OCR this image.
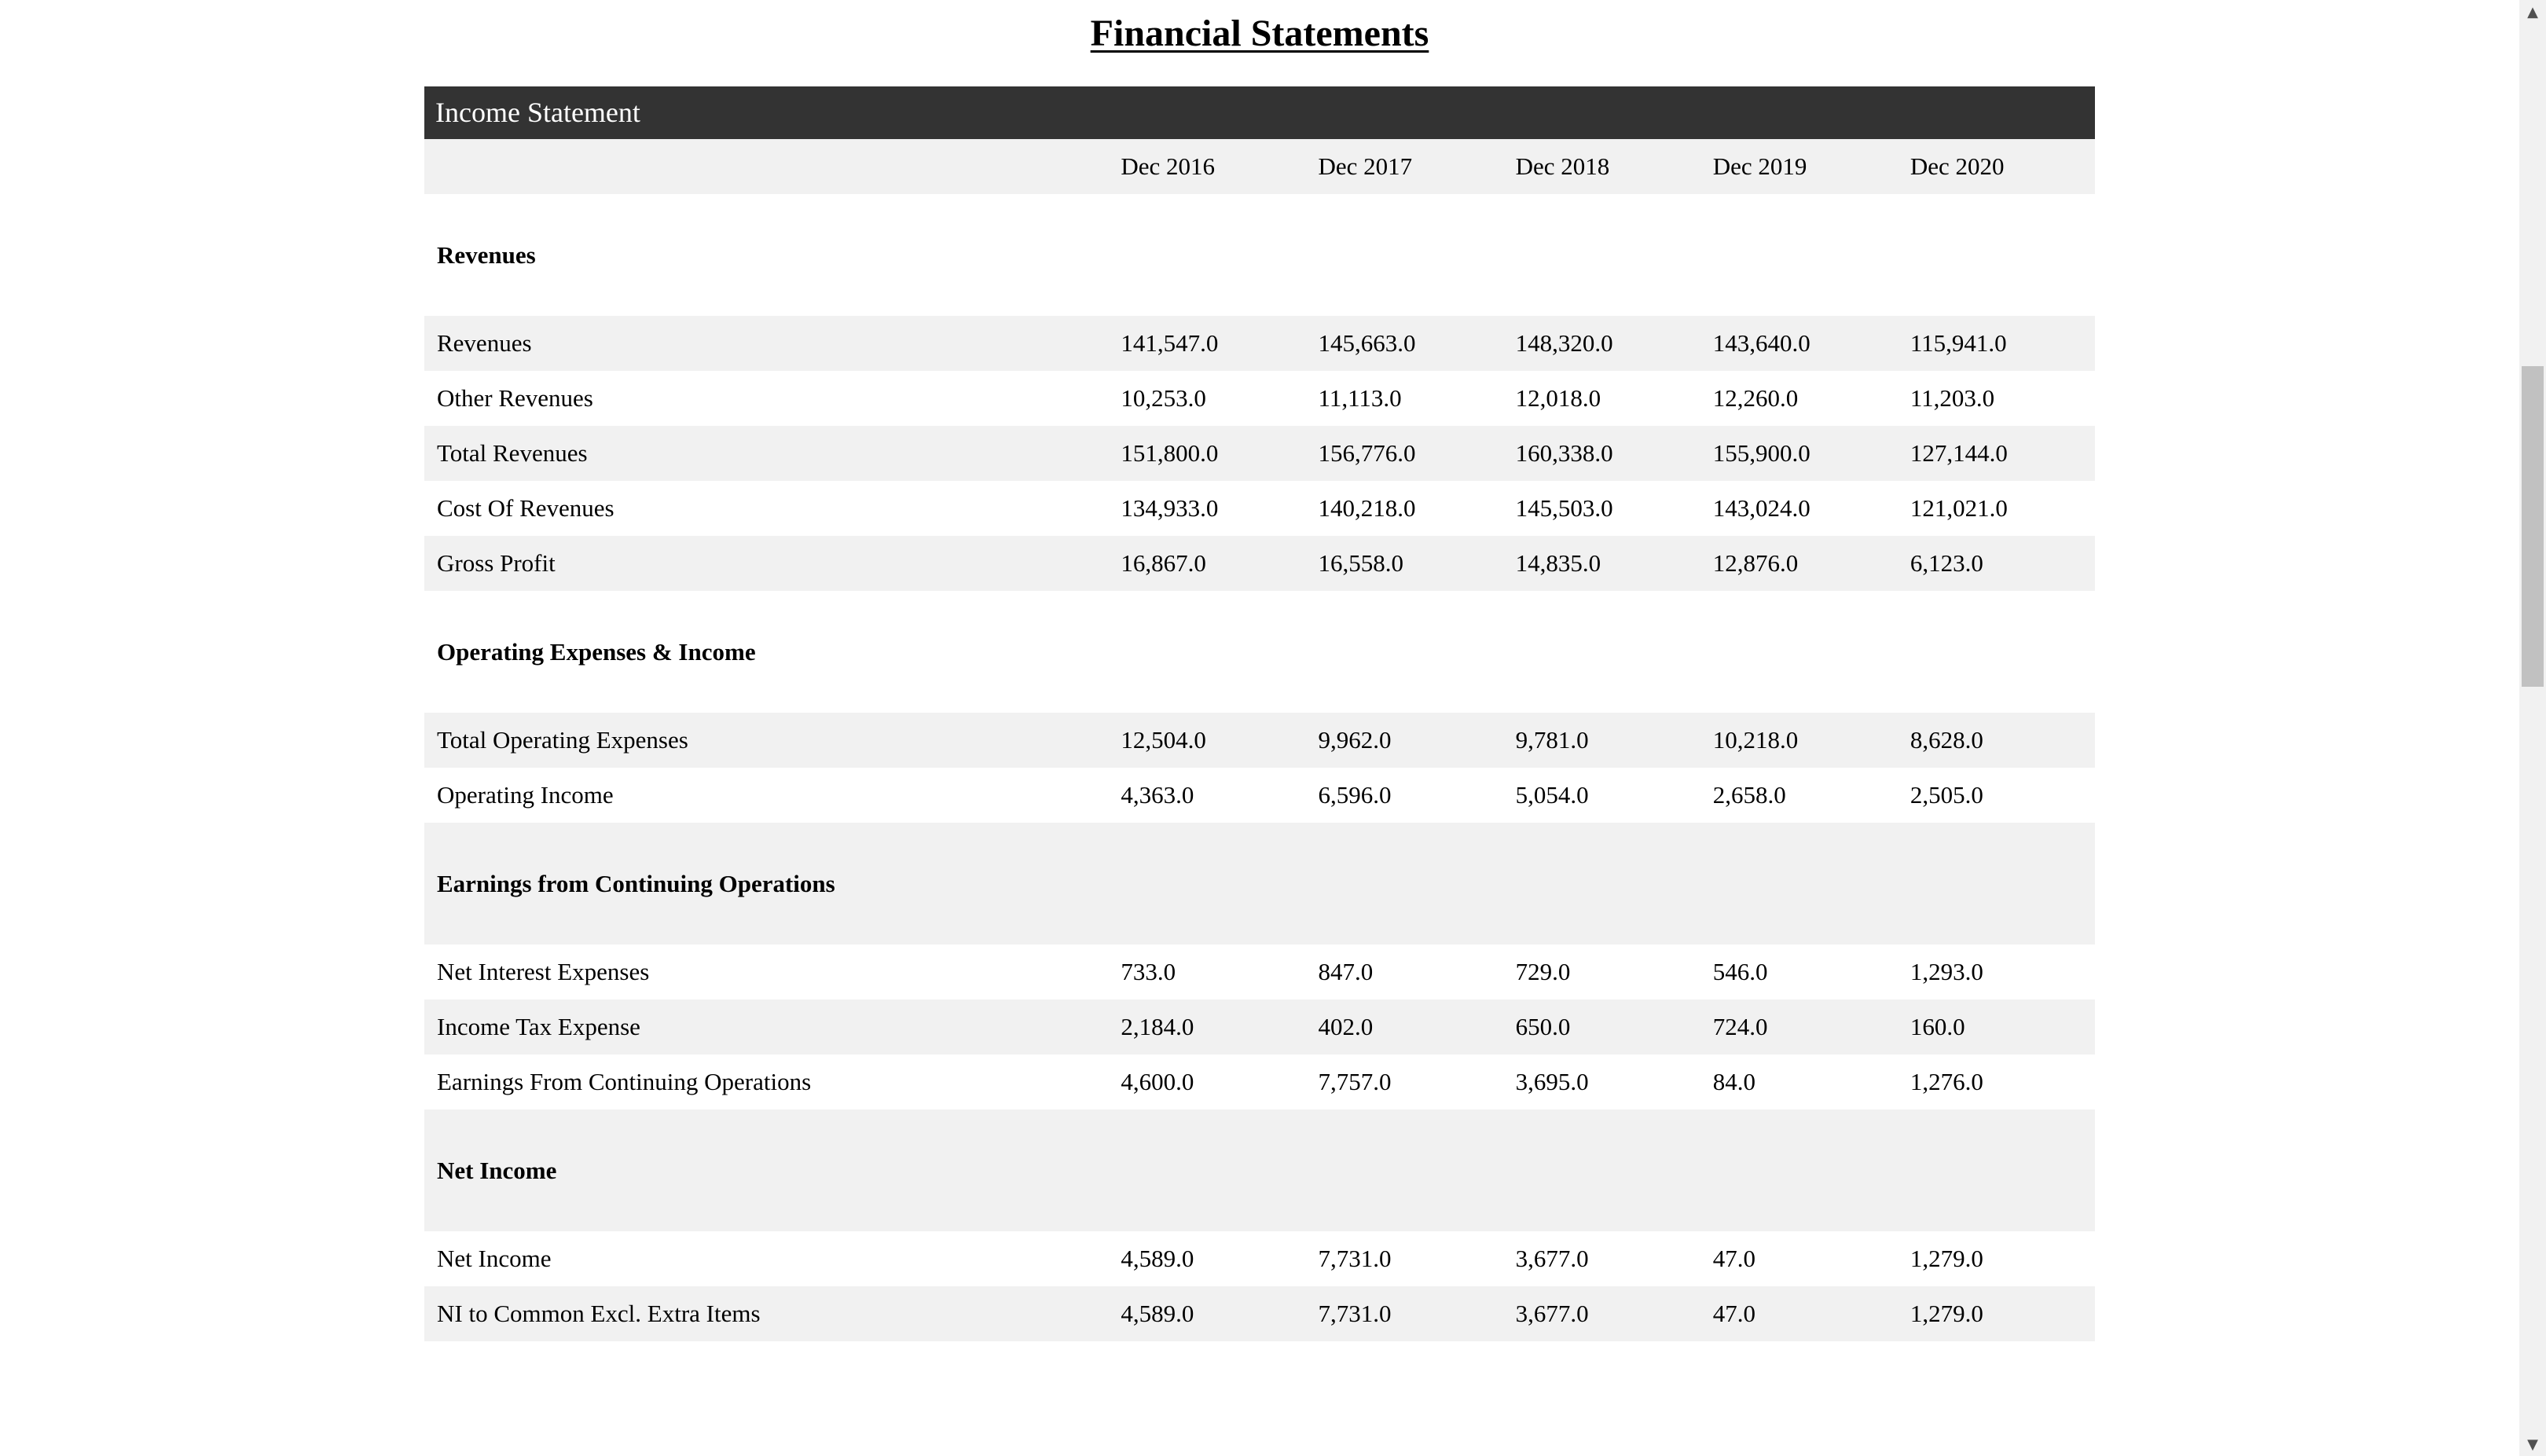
Financial Statements
Income Statement					
	Dec 2016	Dec 2017	Dec 2018	Dec 2019	Dec 2020
Revenues					
Revenues	141,547.0	145,663.0	148,320.0	143,640.0	115,941.0
Other Revenues	10,253.0	11,113.0	12,018.0	12,260.0	11,203.0
Total Revenues	151,800.0	156,776.0	160,338.0	155,900.0	127,144.0
Cost Of Revenues	134,933.0	140,218.0	145,503.0	143,024.0	121,021.0
Gross Profit	16,867.0	16,558.0	14,835.0	12,876.0	6,123.0
Operating Expenses & Income					
Total Operating Expenses	12,504.0	9,962.0	9,781.0	10,218.0	8,628.0
Operating Income	4,363.0	6,596.0	5,054.0	2,658.0	2,505.0
Earnings from Continuing Operations					
Net Interest Expenses	733.0	847.0	729.0	546.0	1,293.0
Income Tax Expense	2,184.0	402.0	650.0	724.0	160.0
Earnings From Continuing Operations	4,600.0	7,757.0	3,695.0	84.0	1,276.0
Net Income					
Net Income	4,589.0	7,731.0	3,677.0	47.0	1,279.0
NI to Common Excl. Extra Items	4,589.0	7,731.0	3,677.0	47.0	1,279.0
▲
▼
